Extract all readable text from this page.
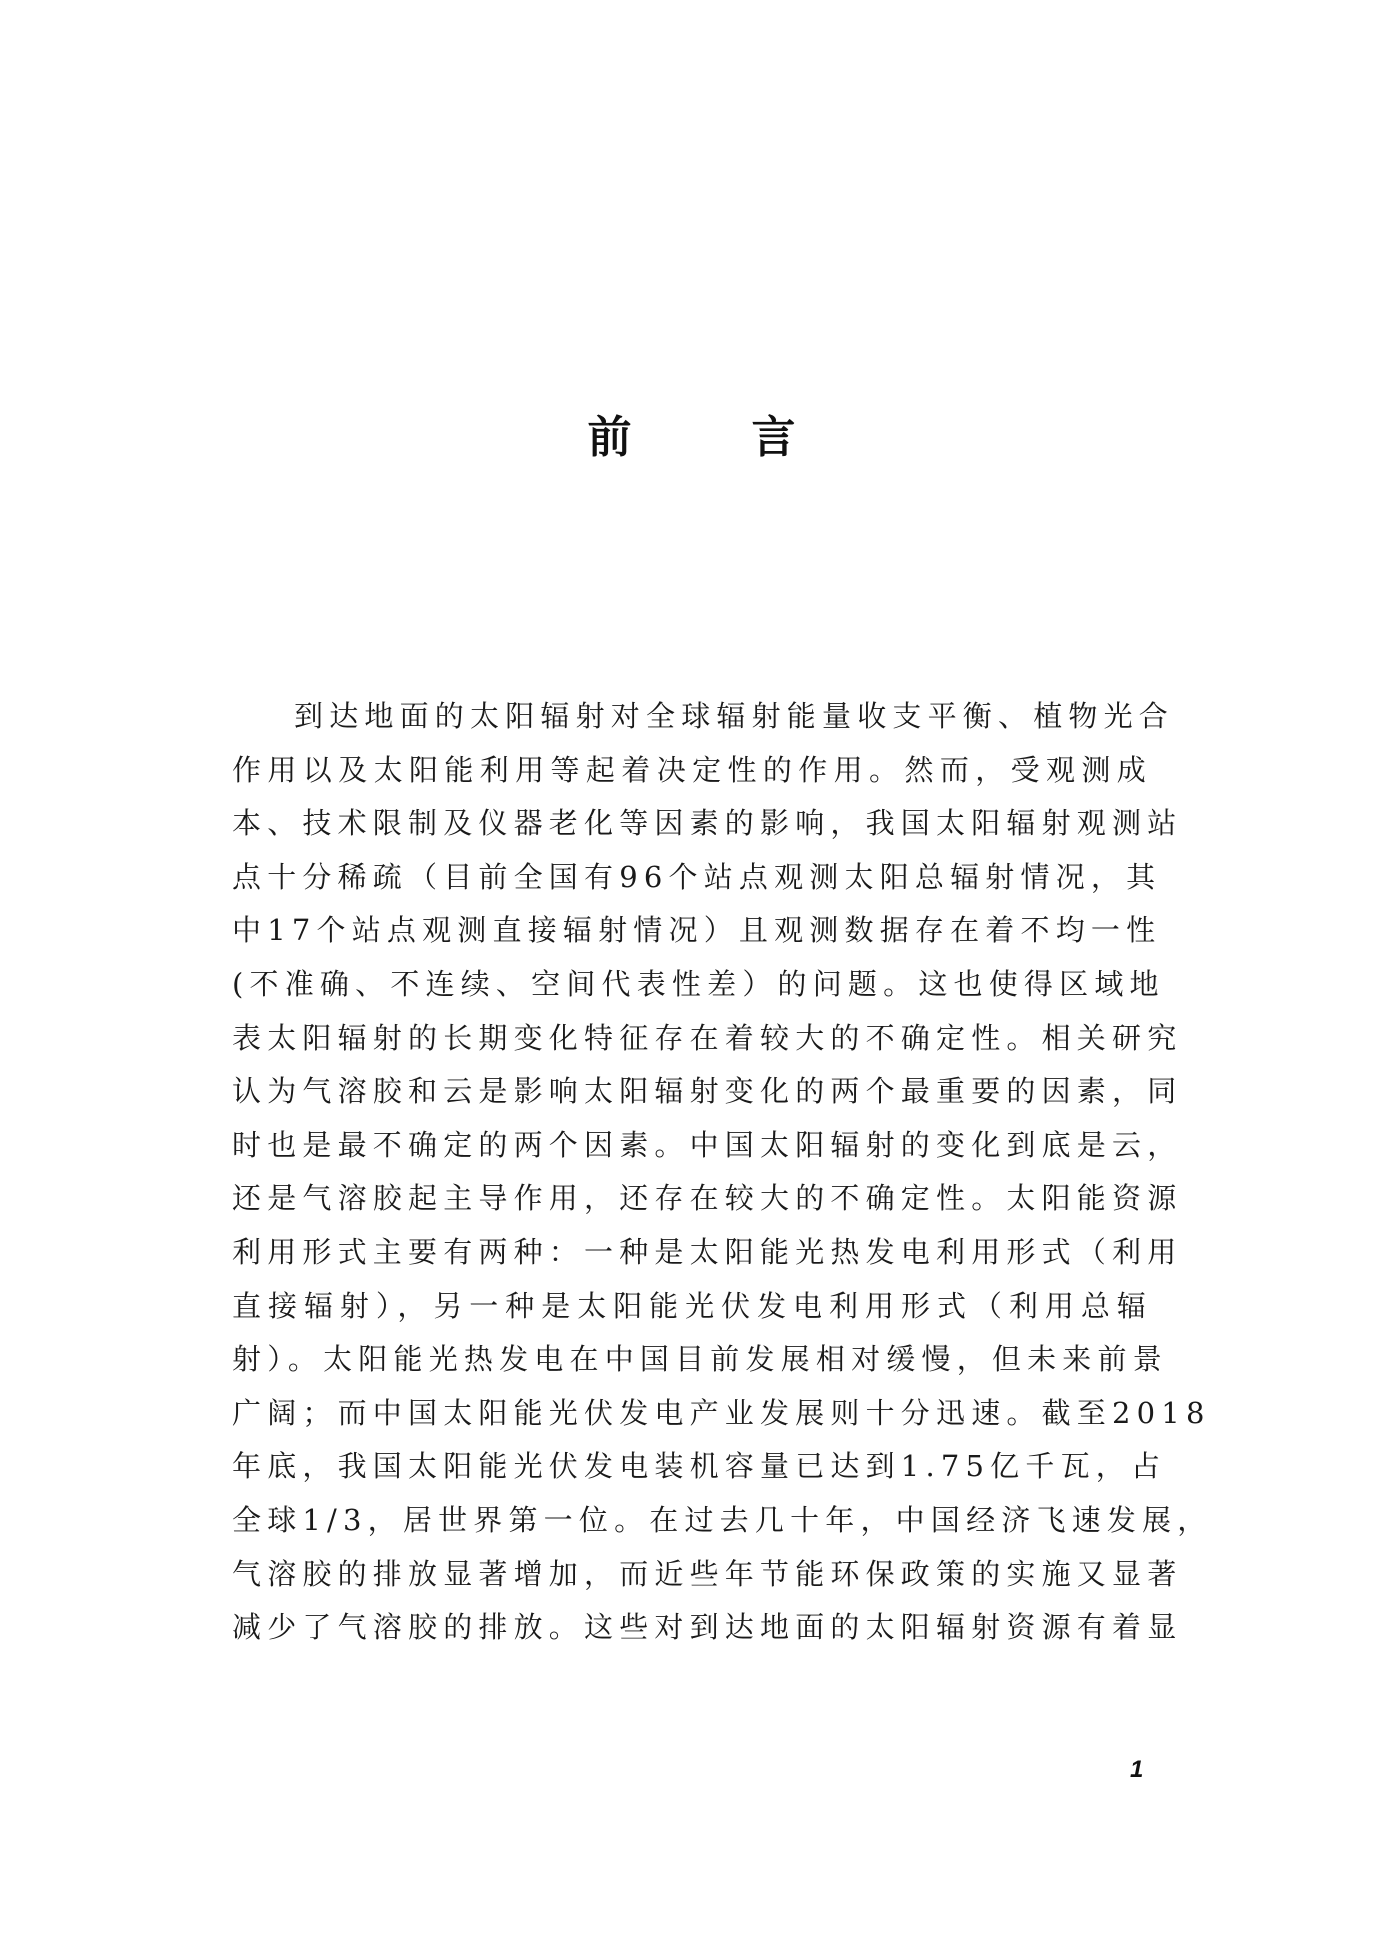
前	言
到达地面的太阳辐射对全球辐射能量收支平衡、植物光合
作用以及太阳能利用等起着决定性的作用。然而，受观测成
本、技术限制及仪器老化等因素的影响，我国太阳辐射观测站
点十分稀疏（目前全国有96个站点观测太阳总辐射情况，其
中17个站点观测直接辐射情况）且观测数据存在着不均一性
(不准确、不连续、空间代表性差）的问题。这也使得区域地
表太阳辐射的长期变化特征存在着较大的不确定性。相关研究
认为气溶胶和云是影响太阳辐射变化的两个最重要的因素，同
时也是最不确定的两个因素。中国太阳辐射的变化到底是云，
还是气溶胶起主导作用，还存在较大的不确定性。太阳能资源
利用形式主要有两种：一种是太阳能光热发电利用形式（利用
直接辐射），另一种是太阳能光伏发电利用形式（利用总辐
射）。太阳能光热发电在中国目前发展相对缓慢，但未来前景
广阔；而中国太阳能光伏发电产业发展则十分迅速。截至2018
年底，我国太阳能光伏发电装机容量已达到1.75亿千瓦，占
全球1/3，居世界第一位。在过去几十年，中国经济飞速发展，
气溶胶的排放显著增加，而近些年节能环保政策的实施又显著
减少了气溶胶的排放。这些对到达地面的太阳辐射资源有着显
1
